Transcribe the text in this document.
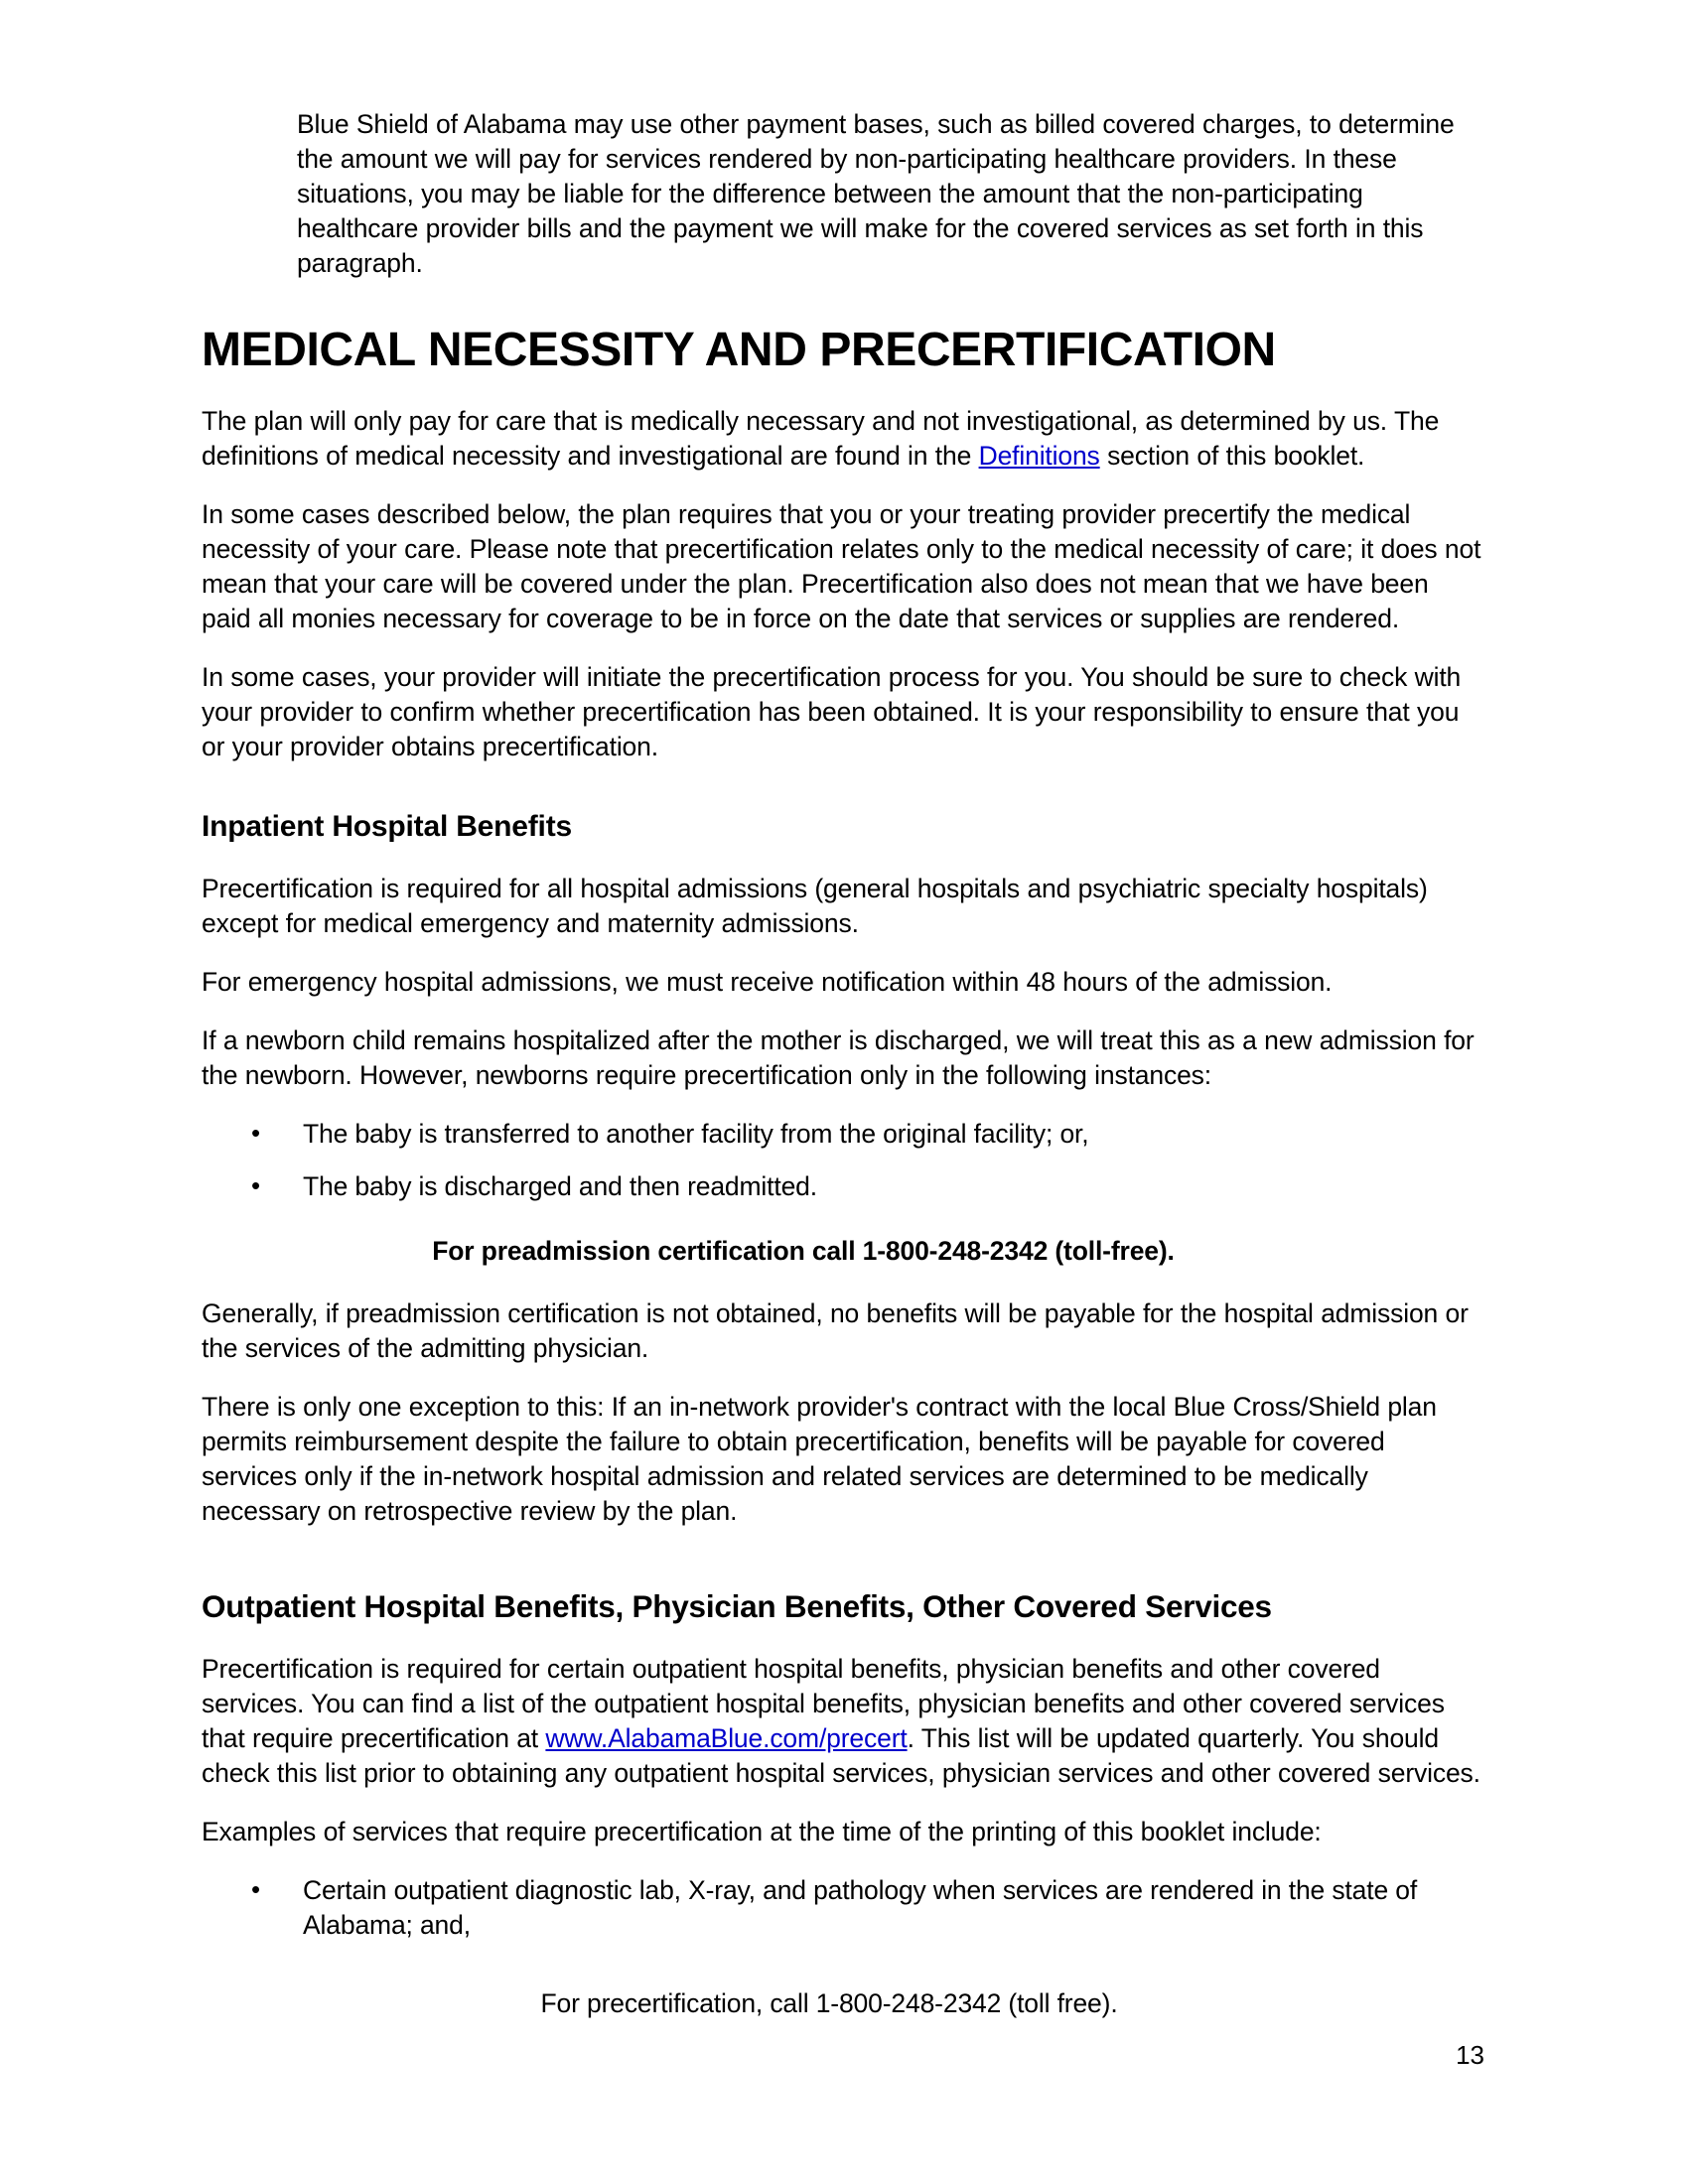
Blue Shield of Alabama may use other payment bases, such as billed covered charges, to determine the amount we will pay for services rendered by non-participating healthcare providers. In these situations, you may be liable for the difference between the amount that the non-participating healthcare provider bills and the payment we will make for the covered services as set forth in this paragraph.

MEDICAL NECESSITY AND PRECERTIFICATION

The plan will only pay for care that is medically necessary and not investigational, as determined by us. The definitions of medical necessity and investigational are found in the Definitions section of this booklet.

In some cases described below, the plan requires that you or your treating provider precertify the medical necessity of your care. Please note that precertification relates only to the medical necessity of care; it does not mean that your care will be covered under the plan. Precertification also does not mean that we have been paid all monies necessary for coverage to be in force on the date that services or supplies are rendered.

In some cases, your provider will initiate the precertification process for you. You should be sure to check with your provider to confirm whether precertification has been obtained. It is your responsibility to ensure that you or your provider obtains precertification.

Inpatient Hospital Benefits

Precertification is required for all hospital admissions (general hospitals and psychiatric specialty hospitals) except for medical emergency and maternity admissions.

For emergency hospital admissions, we must receive notification within 48 hours of the admission.

If a newborn child remains hospitalized after the mother is discharged, we will treat this as a new admission for the newborn. However, newborns require precertification only in the following instances:

• The baby is transferred to another facility from the original facility; or,
• The baby is discharged and then readmitted.

For preadmission certification call 1-800-248-2342 (toll-free).

Generally, if preadmission certification is not obtained, no benefits will be payable for the hospital admission or the services of the admitting physician.

There is only one exception to this: If an in-network provider's contract with the local Blue Cross/Shield plan permits reimbursement despite the failure to obtain precertification, benefits will be payable for covered services only if the in-network hospital admission and related services are determined to be medically necessary on retrospective review by the plan.

Outpatient Hospital Benefits, Physician Benefits, Other Covered Services

Precertification is required for certain outpatient hospital benefits, physician benefits and other covered services. You can find a list of the outpatient hospital benefits, physician benefits and other covered services that require precertification at www.AlabamaBlue.com/precert. This list will be updated quarterly. You should check this list prior to obtaining any outpatient hospital services, physician services and other covered services.

Examples of services that require precertification at the time of the printing of this booklet include:

• Certain outpatient diagnostic lab, X-ray, and pathology when services are rendered in the state of Alabama; and,

For precertification, call 1-800-248-2342 (toll free).

13
